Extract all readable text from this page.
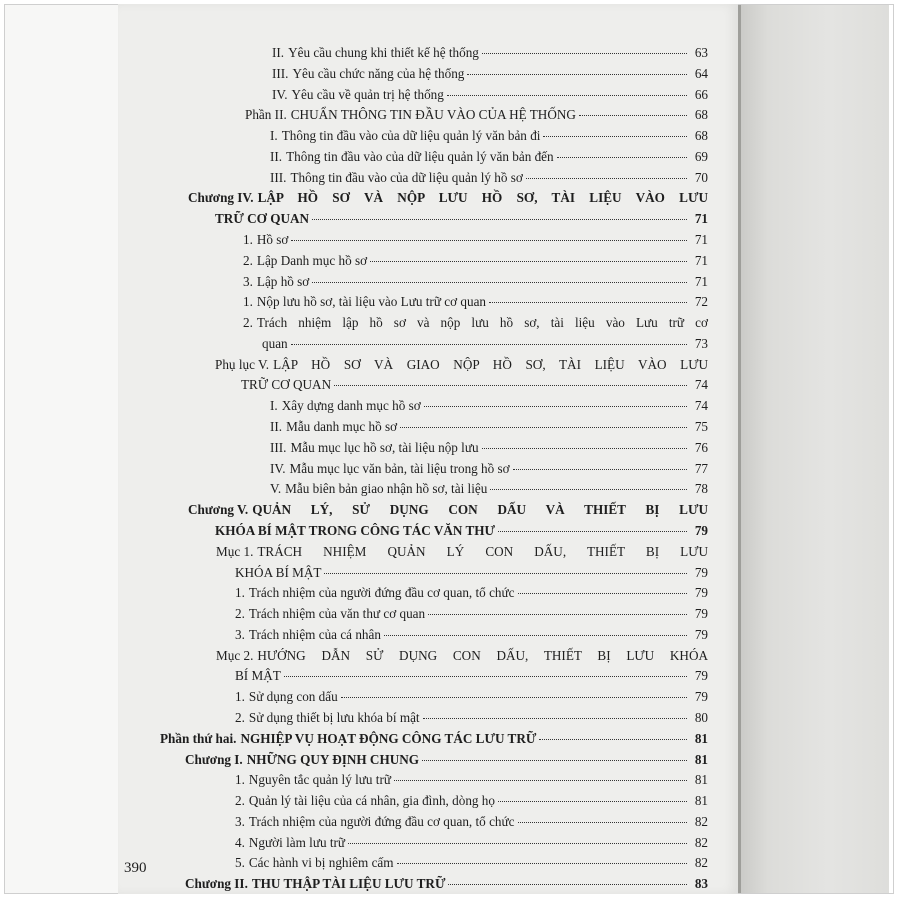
II. Yêu cầu chung khi thiết kế hệ thống	63
III. Yêu cầu chức năng của hệ thống	64
IV. Yêu cầu về quản trị hệ thống	66
Phần II. CHUẨN THÔNG TIN ĐẦU VÀO CỦA HỆ THỐNG	68
I. Thông tin đầu vào của dữ liệu quản lý văn bản đi	68
II. Thông tin đầu vào của dữ liệu quản lý văn bản đến	69
III. Thông tin đầu vào của dữ liệu quản lý hồ sơ	70
Chương IV. LẬP HỒ SƠ VÀ NỘP LƯU HỒ SƠ, TÀI LIỆU VÀO LƯU
TRỮ CƠ QUAN	71
1. Hồ sơ	71
2. Lập Danh mục hồ sơ	71
3. Lập hồ sơ	71
1. Nộp lưu hồ sơ, tài liệu vào Lưu trữ cơ quan	72
2. Trách nhiệm lập hồ sơ và nộp lưu hồ sơ, tài liệu vào Lưu trữ cơ
quan	73
Phụ lục V. LẬP HỒ SƠ VÀ GIAO NỘP HỒ SƠ, TÀI LIỆU VÀO LƯU
TRỮ CƠ QUAN	74
I. Xây dựng danh mục hồ sơ	74
II. Mẫu danh mục hồ sơ	75
III. Mẫu mục lục hồ sơ, tài liệu nộp lưu	76
IV. Mẫu mục lục văn bản, tài liệu trong hồ sơ	77
V. Mẫu biên bản giao nhận hồ sơ, tài liệu	78
Chương V. QUẢN LÝ, SỬ DỤNG CON DẤU VÀ THIẾT BỊ LƯU
KHÓA BÍ MẬT TRONG CÔNG TÁC VĂN THƯ	79
Mục 1. TRÁCH NHIỆM QUẢN LÝ CON DẤU, THIẾT BỊ LƯU
KHÓA BÍ MẬT	79
1. Trách nhiệm của người đứng đầu cơ quan, tổ chức	79
2. Trách nhiệm của văn thư cơ quan	79
3. Trách nhiệm của cá nhân	79
Mục 2. HƯỚNG DẪN SỬ DỤNG CON DẤU, THIẾT BỊ LƯU KHÓA
BÍ MẬT	79
1. Sử dụng con dấu	79
2. Sử dụng thiết bị lưu khóa bí mật	80
Phần thứ hai. NGHIỆP VỤ HOẠT ĐỘNG CÔNG TÁC LƯU TRỮ	81
Chương I. NHỮNG QUY ĐỊNH CHUNG	81
1. Nguyên tắc quản lý lưu trữ	81
2. Quản lý tài liệu của cá nhân, gia đình, dòng họ	81
3. Trách nhiệm của người đứng đầu cơ quan, tổ chức	82
4. Người làm lưu trữ	82
5. Các hành vi bị nghiêm cấm	82
Chương II. THU THẬP TÀI LIỆU LƯU TRỮ	83
390
